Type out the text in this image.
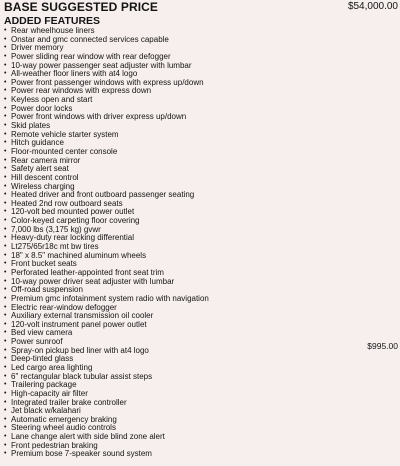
BASE SUGGESTED PRICE	$54,000.00
ADDED FEATURES
• Rear wheelhouse liners
• Onstar and gmc connected services capable
• Driver memory
• Power sliding rear window with rear defogger
• 10-way power passenger seat adjuster with lumbar
• All-weather floor liners with at4 logo
• Power front passenger windows with express up/down
• Power rear windows with express down
• Keyless open and start
• Power door locks
• Power front windows with driver express up/down
• Skid plates
• Remote vehicle starter system
• Hitch guidance
• Floor-mounted center console
• Rear camera mirror
• Safety alert seat
• Hill descent control
• Wireless charging
• Heated driver and front outboard passenger seating
• Heated 2nd row outboard seats
• 120-volt bed mounted power outlet
• Color-keyed carpeting floor covering
• 7,000 lbs (3,175 kg) gvwr
• Heavy-duty rear locking differential
• Lt275/65r18c mt bw tires
• 18" x 8.5" machined aluminum wheels
• Front bucket seats
• Perforated leather-appointed front seat trim
• 10-way power driver seat adjuster with lumbar
• Off-road suspension
• Premium gmc infotainment system radio with navigation
• Electric rear-window defogger
• Auxiliary external transmission oil cooler
• 120-volt instrument panel power outlet
• Bed view camera
• Power sunroof
• Spray-on pickup bed liner with at4 logo
• Deep-tinted glass
• Led cargo area lighting
• 6" rectangular black tubular assist steps
• Trailering package
• High-capacity air filter
• Integrated trailer brake controller
• Jet black w/kalahari
• Automatic emergency braking
• Steering wheel audio controls
• Lane change alert with side blind zone alert
• Front pedestrian braking
• Premium bose 7-speaker sound system
$995.00
